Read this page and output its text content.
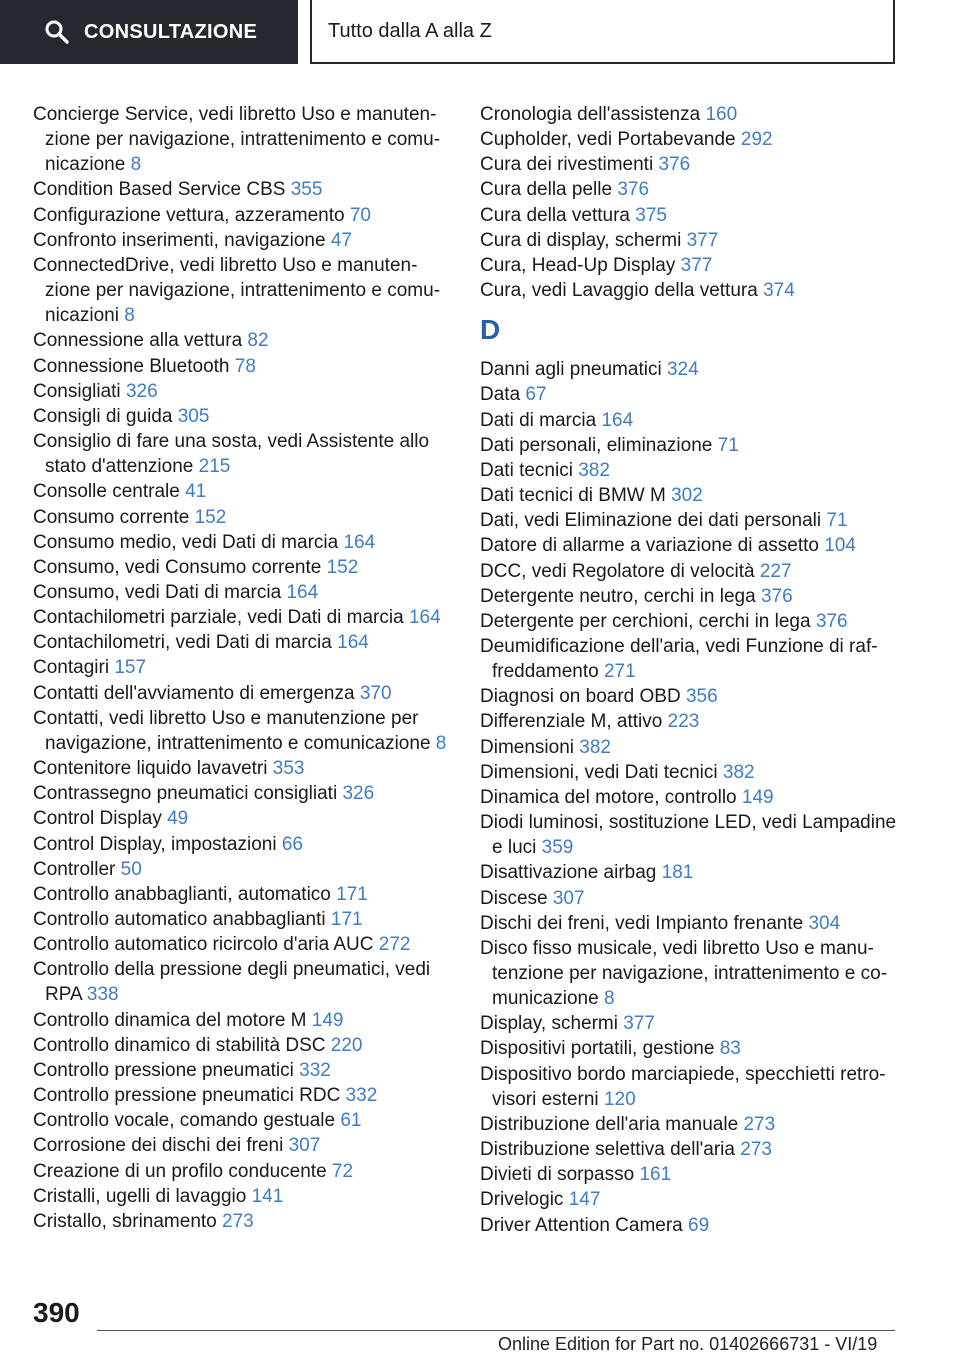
CONSULTAZIONE	Tutto dalla A alla Z

Concierge Service, vedi libretto Uso e manutenzione per navigazione, intrattenimento e comunicazione 8

Condition Based Service CBS 355

Configurazione vettura, azzeramento 70

Confronto inserimenti, navigazione 47

ConnectedDrive, vedi libretto Uso e manutenzione per navigazione, intrattenimento e comunicazioni 8

Connessione alla vettura 82

Connessione Bluetooth 78

Consigliati 326

Consigli di guida 305

Consiglio di fare una sosta, vedi Assistente allo stato d'attenzione 215

Consolle centrale 41

Consumo corrente 152

Consumo medio, vedi Dati di marcia 164

Consumo, vedi Consumo corrente 152

Consumo, vedi Dati di marcia 164

Contachilometri parziale, vedi Dati di marcia 164

Contachilometri, vedi Dati di marcia 164

Contagiri 157

Contatti dell'avviamento di emergenza 370

Contatti, vedi libretto Uso e manutenzione per navigazione, intrattenimento e comunicazione 8

Contenitore liquido lavavetri 353

Contrassegno pneumatici consigliati 326

Control Display 49

Control Display, impostazioni 66

Controller 50

Controllo anabbaglianti, automatico 171

Controllo automatico anabbaglianti 171

Controllo automatico ricircolo d'aria AUC 272

Controllo della pressione degli pneumatici, vedi RPA 338

Controllo dinamica del motore M 149

Controllo dinamico di stabilità DSC 220

Controllo pressione pneumatici 332

Controllo pressione pneumatici RDC 332

Controllo vocale, comando gestuale 61

Corrosione dei dischi dei freni 307

Creazione di un profilo conducente 72

Cristalli, ugelli di lavaggio 141

Cristallo, sbrinamento 273

Cronologia dell'assistenza 160

Cupholder, vedi Portabevande 292

Cura dei rivestimenti 376

Cura della pelle 376

Cura della vettura 375

Cura di display, schermi 377

Cura, Head-Up Display 377

Cura, vedi Lavaggio della vettura 374

D

Danni agli pneumatici 324

Data 67

Dati di marcia 164

Dati personali, eliminazione 71

Dati tecnici 382

Dati tecnici di BMW M 302

Dati, vedi Eliminazione dei dati personali 71

Datore di allarme a variazione di assetto 104

DCC, vedi Regolatore di velocità 227

Detergente neutro, cerchi in lega 376

Detergente per cerchioni, cerchi in lega 376

Deumidificazione dell'aria, vedi Funzione di raffreddamento 271

Diagnosi on board OBD 356

Differenziale M, attivo 223

Dimensioni 382

Dimensioni, vedi Dati tecnici 382

Dinamica del motore, controllo 149

Diodi luminosi, sostituzione LED, vedi Lampadine e luci 359

Disattivazione airbag 181

Discese 307

Dischi dei freni, vedi Impianto frenante 304

Disco fisso musicale, vedi libretto Uso e manutenzione per navigazione, intrattenimento e comunicazione 8

Display, schermi 377

Dispositivi portatili, gestione 83

Dispositivo bordo marciapiede, specchietti retrovisori esterni 120

Distribuzione dell'aria manuale 273

Distribuzione selettiva dell'aria 273

Divieti di sorpasso 161

Drivelogic 147

Driver Attention Camera 69

390
Online Edition for Part no. 01402666731 - VI/19
